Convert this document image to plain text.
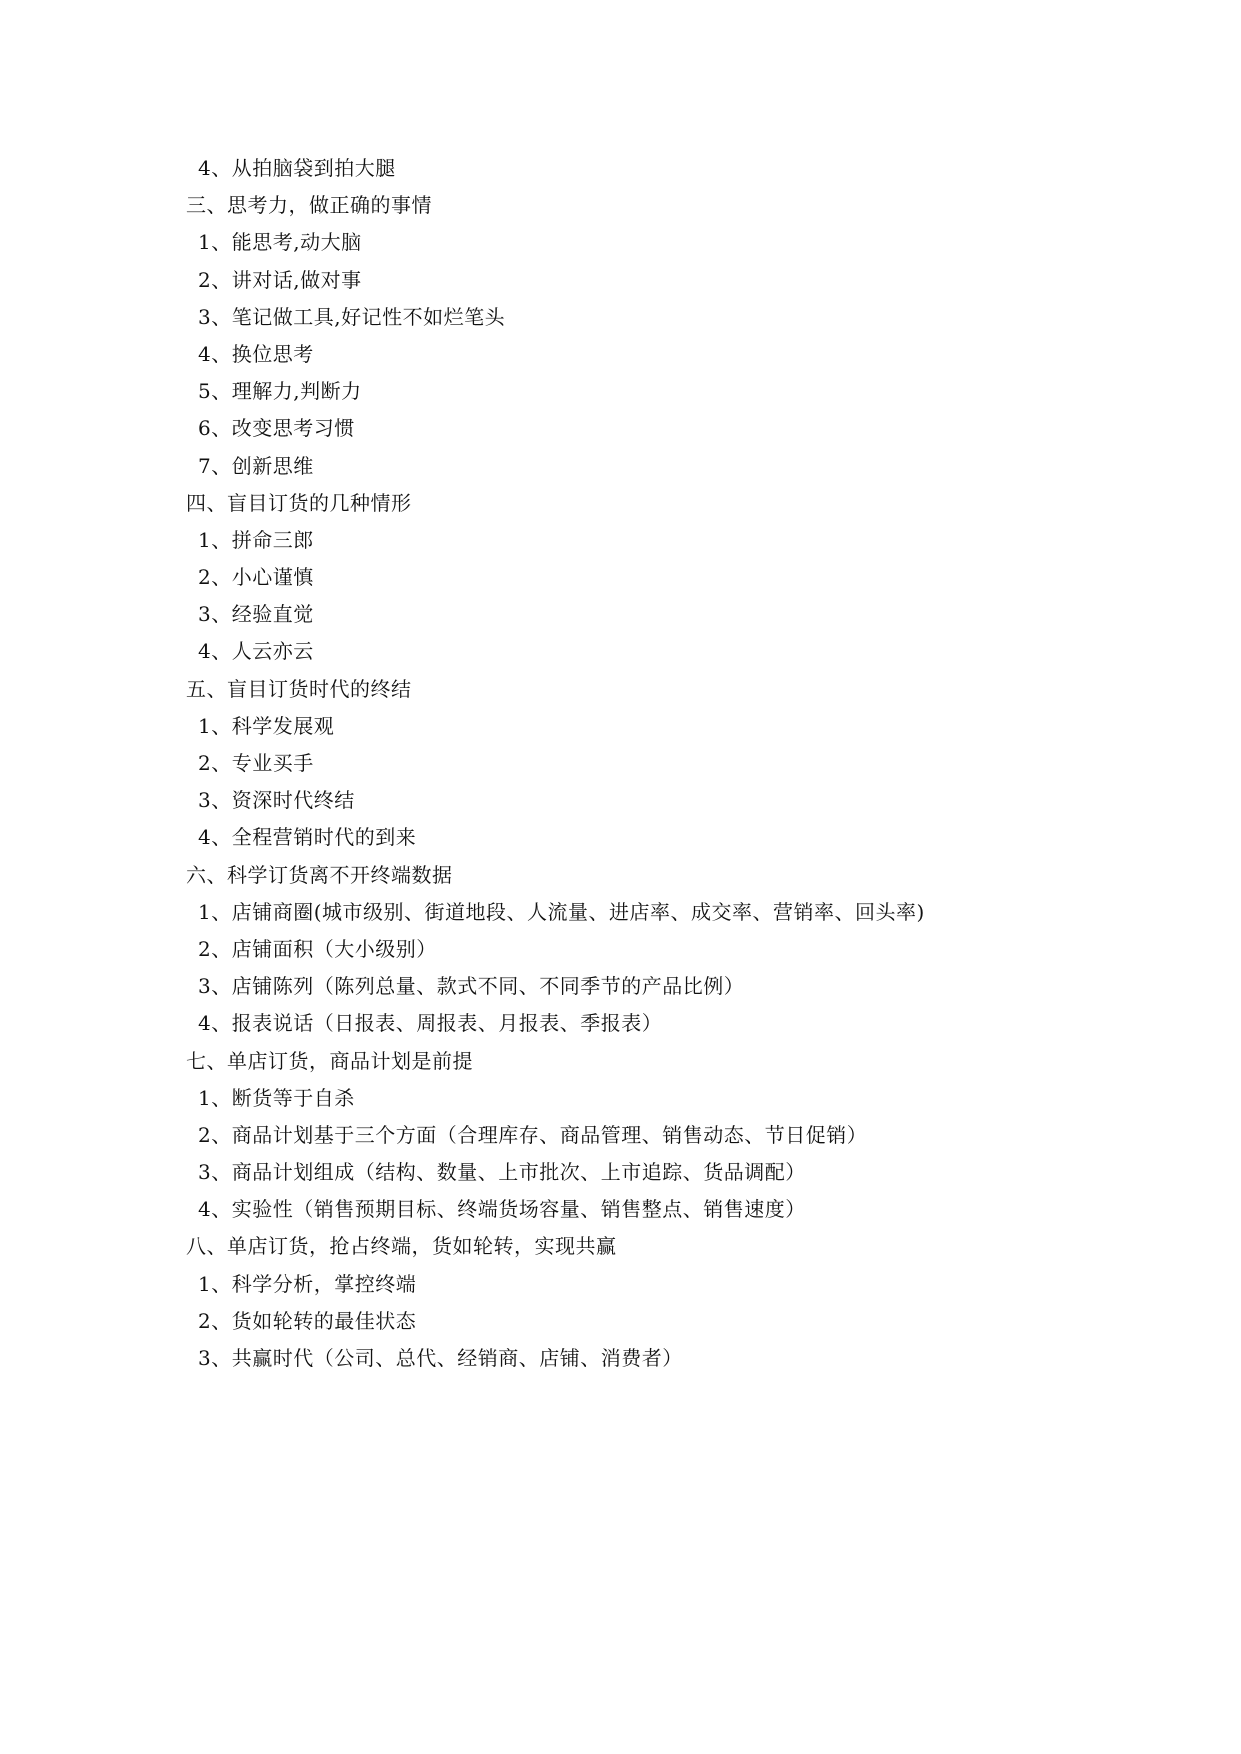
4、从拍脑袋到拍大腿
三、思考力，做正确的事情
1、能思考,动大脑
2、讲对话,做对事
3、笔记做工具,好记性不如烂笔头
4、换位思考
5、理解力,判断力
6、改变思考习惯
7、创新思维
四、盲目订货的几种情形
1、拼命三郎
2、小心谨慎
3、经验直觉
4、人云亦云
五、盲目订货时代的终结
1、科学发展观
2、专业买手
3、资深时代终结
4、全程营销时代的到来
六、科学订货离不开终端数据
1、店铺商圈(城市级别、街道地段、人流量、进店率、成交率、营销率、回头率)
2、店铺面积（大小级别）
3、店铺陈列（陈列总量、款式不同、不同季节的产品比例）
4、报表说话（日报表、周报表、月报表、季报表）
七、单店订货，商品计划是前提
1、断货等于自杀
2、商品计划基于三个方面（合理库存、商品管理、销售动态、节日促销）
3、商品计划组成（结构、数量、上市批次、上市追踪、货品调配）
4、实验性（销售预期目标、终端货场容量、销售整点、销售速度）
八、单店订货，抢占终端，货如轮转，实现共赢
1、科学分析，掌控终端
2、货如轮转的最佳状态
3、共赢时代（公司、总代、经销商、店铺、消费者）
